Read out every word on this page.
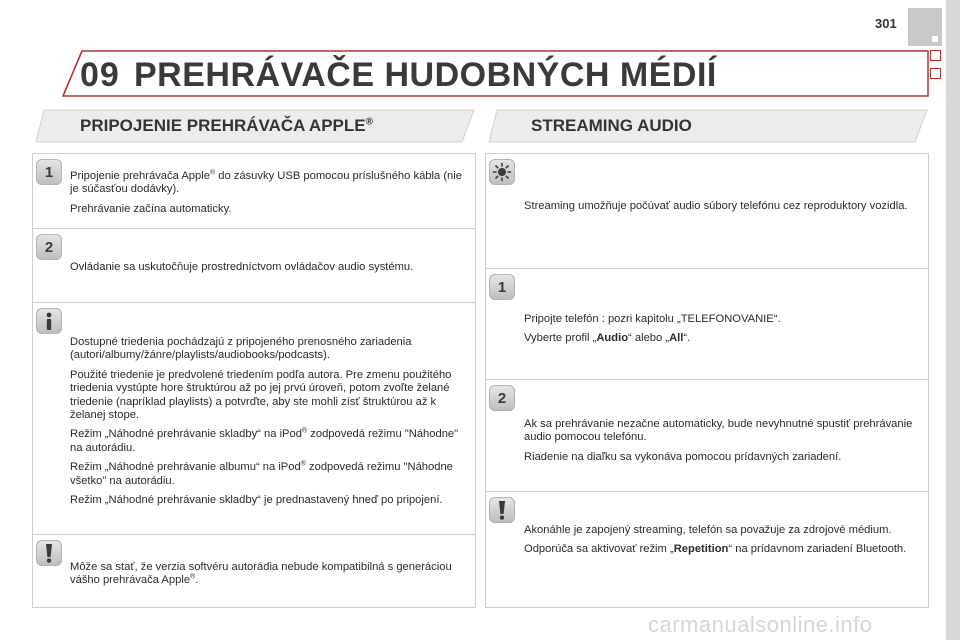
301
09 PREHRÁVAČE HUDOBNÝCH MÉDIÍ
PRIPOJENIE PREHRÁVAČA APPLE®	STREAMING AUDIO
1	Pripojenie prehrávača Apple® do zásuvky USB pomocou príslušného kábla (nie je súčasťou dodávky).

Prehrávanie začína automaticky.

2

Ovládanie sa uskutočňuje prostredníctvom ovládačov audio systému.

Dostupné triedenia pochádzajú z pripojeného prenosného zariadenia (autori/albumy/žánre/playlists/audiobooks/podcasts).

Použité triedenie je predvolené triedením podľa autora. Pre zmenu použitého triedenia vystúpte hore štruktúrou až po jej prvú úroveň, potom zvoľte želané triedenie (napríklad playlists) a potvrďte, aby ste mohli zísť štruktúrou až k želanej stope.

Režim „Náhodné prehrávanie skladby“ na iPod® zodpovedá režimu "Náhodne" na autorádiu.

Režim „Náhodné prehrávanie albumu“ na iPod® zodpovedá režimu "Náhodne všetko" na autorádiu.

Režim „Náhodné prehrávanie skladby“ je prednastavený hneď po pripojení.

Môže sa stať, že verzia softvéru autorádia nebude kompatibilná s generáciou vášho prehrávača Apple®.

Streaming umožňuje počúvať audio súbory telefónu cez reproduktory vozidla.

1

Pripojte telefón : pozri kapitolu „TELEFONOVANIE“.

Vyberte profil „Audio“ alebo „All“.

2

Ak sa prehrávanie nezačne automaticky, bude nevyhnutné spustiť prehrávanie audio pomocou telefónu.

Riadenie na diaľku sa vykonáva pomocou prídavných zariadení.

Akonáhle je zapojený streaming, telefón sa považuje za zdrojové médium.

Odporúča sa aktivovať režim „Repetition“ na prídavnom zariadení Bluetooth.

carmanualsonline.info
